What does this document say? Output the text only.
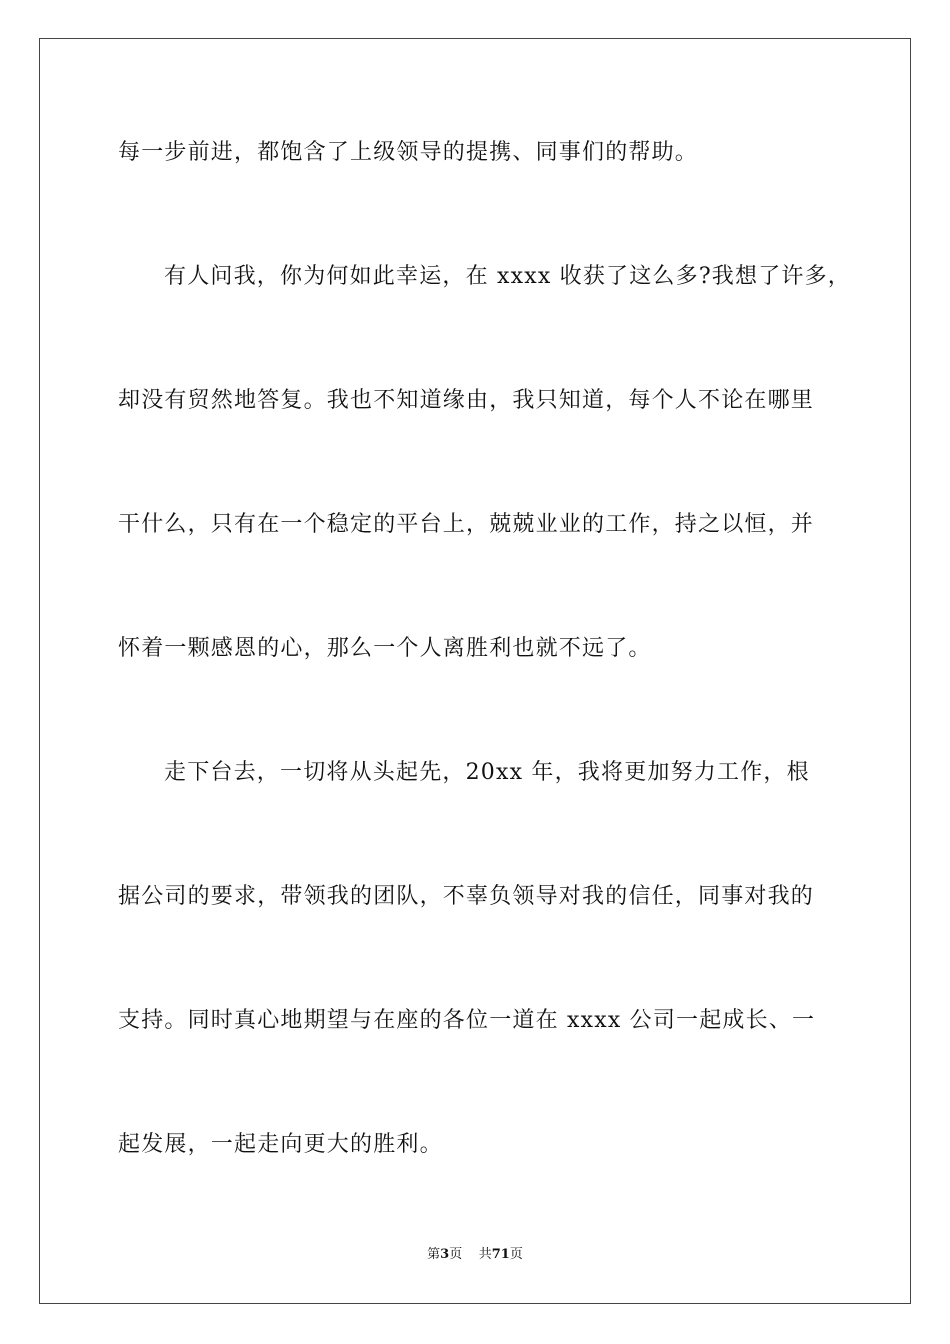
每一步前进，都饱含了上级领导的提携、同事们的帮助。
有人问我，你为何如此幸运，在 xxxx 收获了这么多?我想了许多，
却没有贸然地答复。我也不知道缘由，我只知道，每个人不论在哪里
干什么，只有在一个稳定的平台上，兢兢业业的工作，持之以恒，并
怀着一颗感恩的心，那么一个人离胜利也就不远了。
走下台去，一切将从头起先，20xx 年，我将更加努力工作，根
据公司的要求，带领我的团队，不辜负领导对我的信任，同事对我的
支持。同时真心地期望与在座的各位一道在 xxxx 公司一起成长、一
起发展，一起走向更大的胜利。
第3页 共71页
